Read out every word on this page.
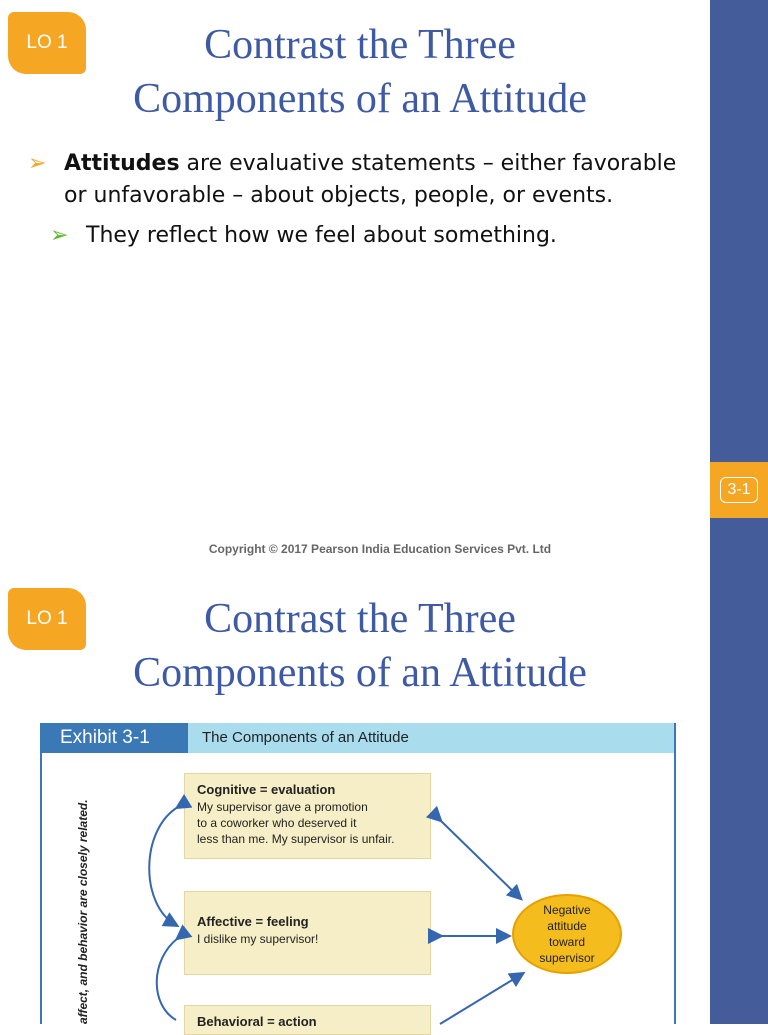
LO 1	Contrast the Three
Components of an Attitude
➢ Attitudes are evaluative statements – either favorable or unfavorable – about objects, people, or events.
➢ They reflect how we feel about something.
Copyright © 2017 Pearson India Education Services Pvt. Ltd
3-1
LO 1	Contrast the Three
Components of an Attitude
Exhibit 3-1	The Components of an Attitude
affect, and behavior are closely related.
Cognitive = evaluation
My supervisor gave a promotion
to a coworker who deserved it
less than me. My supervisor is unfair.
Affective = feeling
I dislike my supervisor!
Behavioral = action
Negative
attitude
toward
supervisor
